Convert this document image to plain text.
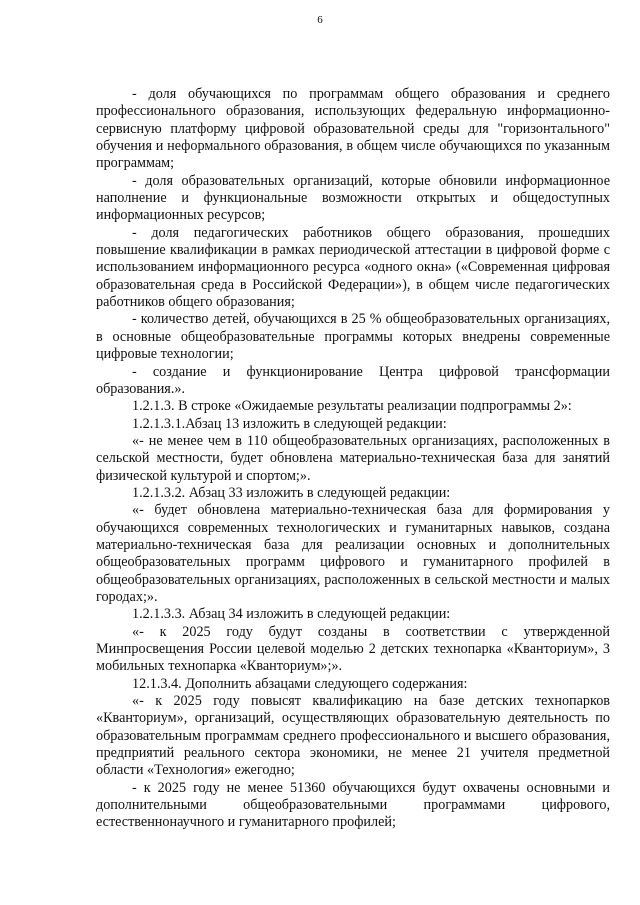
6

- доля обучающихся по программам общего образования и среднего профессионального образования, использующих федеральную информационно-сервисную платформу цифровой образовательной среды для "горизонтального" обучения и неформального образования, в общем числе обучающихся по указанным программам;

- доля образовательных организаций, которые обновили информационное наполнение и функциональные возможности открытых и общедоступных информационных ресурсов;

- доля педагогических работников общего образования, прошедших повышение квалификации в рамках периодической аттестации в цифровой форме с использованием информационного ресурса «одного окна» («Современная цифровая образовательная среда в Российской Федерации»), в общем числе педагогических работников общего образования;

- количество детей, обучающихся в 25 % общеобразовательных организациях, в основные общеобразовательные программы которых внедрены современные цифровые технологии;

- создание и функционирование Центра цифровой трансформации образования.».

1.2.1.3. В строке «Ожидаемые результаты реализации подпрограммы 2»:

1.2.1.3.1.Абзац 13 изложить в следующей редакции:

«- не менее чем в 110 общеобразовательных организациях, расположенных в сельской местности, будет обновлена материально-техническая база для занятий физической культурой и спортом;».

1.2.1.3.2. Абзац 33 изложить в следующей редакции:

«- будет обновлена материально-техническая база для формирования у обучающихся современных технологических и гуманитарных навыков, создана материально-техническая база для реализации основных и дополнительных общеобразовательных программ цифрового и гуманитарного профилей в общеобразовательных организациях, расположенных в сельской местности и малых городах;».

1.2.1.3.3. Абзац 34 изложить в следующей редакции:

«- к 2025 году будут созданы в соответствии с утвержденной Минпросвещения России целевой моделью 2 детских технопарка «Кванториум», 3 мобильных технопарка «Кванториум»;».

12.1.3.4. Дополнить абзацами следующего содержания:

«- к 2025 году повысят квалификацию на базе детских технопарков «Кванториум», организаций, осуществляющих образовательную деятельность по образовательным программам среднего профессионального и высшего образования, предприятий реального сектора экономики, не менее 21 учителя предметной области «Технология» ежегодно;

- к 2025 году не менее 51360 обучающихся будут охвачены основными и дополнительными общеобразовательными программами цифрового, естественнонаучного и гуманитарного профилей;
